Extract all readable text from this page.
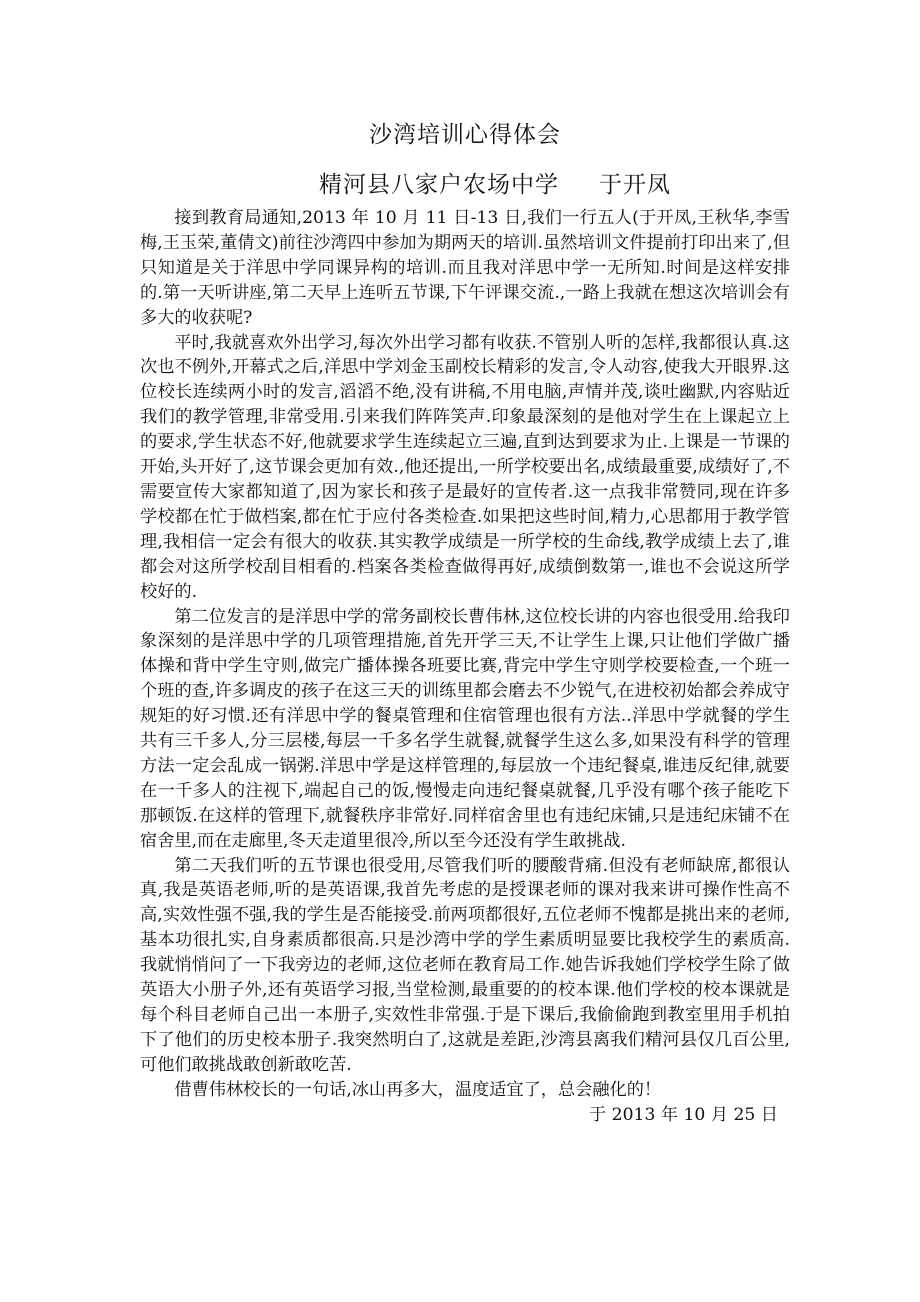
沙湾培训心得体会
精河县八家户农场中学 于开凤

接到教育局通知,2013 年 10 月 11 日-13 日,我们一行五人(于开凤,王秋华,李雪梅,王玉荣,董倩文)前往沙湾四中参加为期两天的培训.虽然培训文件提前打印出来了,但只知道是关于洋思中学同课异构的培训.而且我对洋思中学一无所知.时间是这样安排的.第一天听讲座,第二天早上连听五节课,下午评课交流.,一路上我就在想这次培训会有多大的收获呢?

平时,我就喜欢外出学习,每次外出学习都有收获.不管别人听的怎样,我都很认真.这次也不例外,开幕式之后,洋思中学刘金玉副校长精彩的发言,令人动容,使我大开眼界.这位校长连续两小时的发言,滔滔不绝,没有讲稿,不用电脑,声情并茂,谈吐幽默,内容贴近我们的教学管理,非常受用.引来我们阵阵笑声.印象最深刻的是他对学生在上课起立上的要求,学生状态不好,他就要求学生连续起立三遍,直到达到要求为止.上课是一节课的开始,头开好了,这节课会更加有效.,他还提出,一所学校要出名,成绩最重要,成绩好了,不需要宣传大家都知道了,因为家长和孩子是最好的宣传者.这一点我非常赞同,现在许多学校都在忙于做档案,都在忙于应付各类检查.如果把这些时间,精力,心思都用于教学管理,我相信一定会有很大的收获.其实教学成绩是一所学校的生命线,教学成绩上去了,谁都会对这所学校刮目相看的.档案各类检查做得再好,成绩倒数第一,谁也不会说这所学校好的.

第二位发言的是洋思中学的常务副校长曹伟林,这位校长讲的内容也很受用.给我印象深刻的是洋思中学的几项管理措施,首先开学三天,不让学生上课,只让他们学做广播体操和背中学生守则,做完广播体操各班要比赛,背完中学生守则学校要检查,一个班一个班的查,许多调皮的孩子在这三天的训练里都会磨去不少锐气,在进校初始都会养成守规矩的好习惯.还有洋思中学的餐桌管理和住宿管理也很有方法..洋思中学就餐的学生共有三千多人,分三层楼,每层一千多名学生就餐,就餐学生这么多,如果没有科学的管理方法一定会乱成一锅粥.洋思中学是这样管理的,每层放一个违纪餐桌,谁违反纪律,就要在一千多人的注视下,端起自己的饭,慢慢走向违纪餐桌就餐,几乎没有哪个孩子能吃下那顿饭.在这样的管理下,就餐秩序非常好.同样宿舍里也有违纪床铺,只是违纪床铺不在宿舍里,而在走廊里,冬天走道里很冷,所以至今还没有学生敢挑战.

第二天我们听的五节课也很受用,尽管我们听的腰酸背痛.但没有老师缺席,都很认真,我是英语老师,听的是英语课,我首先考虑的是授课老师的课对我来讲可操作性高不高,实效性强不强,我的学生是否能接受.前两项都很好,五位老师不愧都是挑出来的老师,基本功很扎实,自身素质都很高.只是沙湾中学的学生素质明显要比我校学生的素质高.我就悄悄问了一下我旁边的老师,这位老师在教育局工作.她告诉我她们学校学生除了做英语大小册子外,还有英语学习报,当堂检测,最重要的的校本课.他们学校的校本课就是每个科目老师自己出一本册子,实效性非常强.于是下课后,我偷偷跑到教室里用手机拍下了他们的历史校本册子.我突然明白了,这就是差距,沙湾县离我们精河县仅几百公里,可他们敢挑战敢创新敢吃苦.

借曹伟林校长的一句话,冰山再多大，温度适宜了，总会融化的！

于 2013 年 10 月 25 日
